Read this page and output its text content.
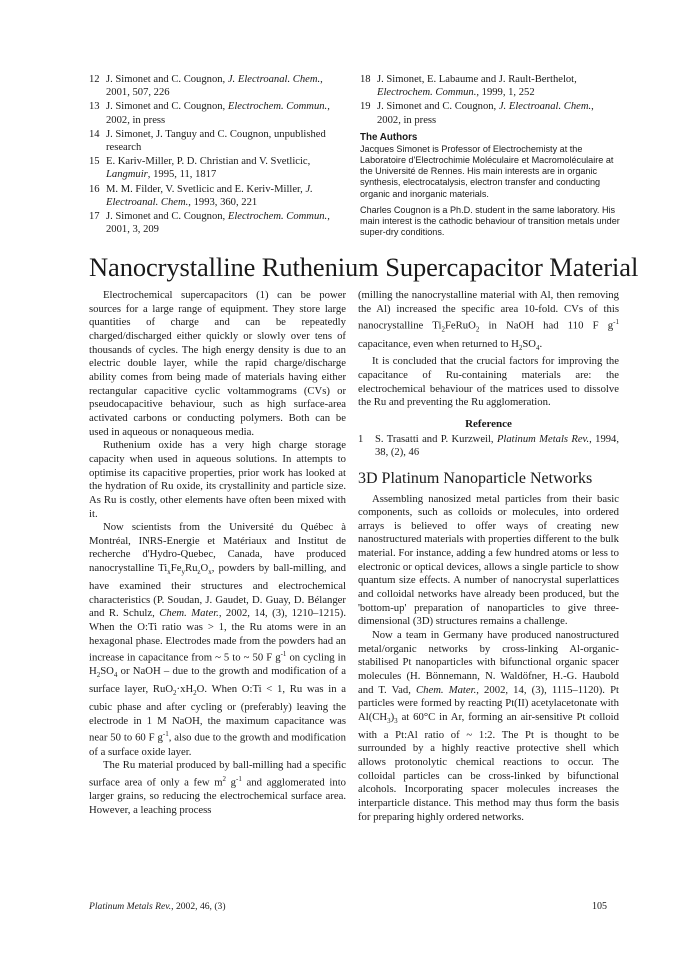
12 J. Simonet and C. Cougnon, J. Electroanal. Chem., 2001, 507, 226
13 J. Simonet and C. Cougnon, Electrochem. Commun., 2002, in press
14 J. Simonet, J. Tanguy and C. Cougnon, unpublished research
15 E. Kariv-Miller, P. D. Christian and V. Svetlicic, Langmuir, 1995, 11, 1817
16 M. M. Filder, V. Svetlicic and E. Keriv-Miller, J. Electroanal. Chem., 1993, 360, 221
17 J. Simonet and C. Cougnon, Electrochem. Commun., 2001, 3, 209
18 J. Simonet, E. Labaume and J. Rault-Berthelot, Electrochem. Commun., 1999, 1, 252
19 J. Simonet and C. Cougnon, J. Electroanal. Chem., 2002, in press
The Authors

Jacques Simonet is Professor of Electrochemisty at the Laboratoire d'Electrochimie Moléculaire et Macromoléculaire at the Université de Rennes. His main interests are in organic synthesis, electrocatalysis, electron transfer and conducting organic and inorganic materials.

Charles Cougnon is a Ph.D. student in the same laboratory. His main interest is the cathodic behaviour of transition metals under super-dry conditions.

Nanocrystalline Ruthenium Supercapacitor Material

Electrochemical supercapacitors (1) can be power sources for a large range of equipment. They store large quantities of charge and can be repeatedly charged/discharged either quickly or slowly over tens of thousands of cycles. The high energy density is due to an electric double layer, while the rapid charge/discharge ability comes from being made of materials having either rectangular capacitive cyclic voltammograms (CVs) or pseudocapacitive behaviour, such as high surface-area activated carbons or conducting polymers. Both can be used in aqueous or nonaqueous media.

Ruthenium oxide has a very high charge storage capacity when used in aqueous solutions. In attempts to optimise its capacitive properties, prior work has looked at the hydration of Ru oxide, its crystallinity and particle size. As Ru is costly, other elements have often been mixed with it.

Now scientists from the Université du Québec à Montréal, INRS-Energie et Matériaux and Institut de recherche d'Hydro-Quebec, Canada, have produced nanocrystalline $Ti_xFe_yRu_zO_x$, powders by ball-milling, and have examined their structures and electrochemical characteristics (P. Soudan, J. Gaudet, D. Guay, D. Bélanger and R. Schulz, Chem. Mater., 2002, 14, (3), 1210–1215). When the O:Ti ratio was > 1, the Ru atoms were in an hexagonal phase. Electrodes made from the powders had an increase in capacitance from ~ 5 to ~ 50 F $g^{-1}$ on cycling in $H_2SO_4$ or NaOH – due to the growth and modification of a surface layer, $RuO_2\cdot xH_2O$. When O:Ti < 1, Ru was in a cubic phase and after cycling or (preferably) leaving the electrode in 1 M NaOH, the maximum capacitance was near 50 to 60 F $g^{-1}$, also due to the growth and modification of a surface oxide layer.

The Ru material produced by ball-milling had a specific surface area of only a few $m^2$ $g^{-1}$ and agglomerated into larger grains, so reducing the electrochemical surface area. However, a leaching process

(milling the nanocrystalline material with Al, then removing the Al) increased the specific area 10-fold. CVs of this nanocrystalline $Ti_2FeRuO_2$ in NaOH had 110 F $g^{-1}$ capacitance, even when returned to $H_2SO_4$.

It is concluded that the crucial factors for improving the capacitance of Ru-containing materials are: the electrochemical behaviour of the matrices used to dissolve the Ru and preventing the Ru agglomeration.

Reference
1 S. Trasatti and P. Kurzweil, Platinum Metals Rev., 1994, 38, (2), 46
3D Platinum Nanoparticle Networks

Assembling nanosized metal particles from their basic components, such as colloids or molecules, into ordered arrays is believed to offer ways of creating new nanostructured materials with properties different to the bulk material. For instance, adding a few hundred atoms or less to electronic or optical devices, allows a single particle to show quantum size effects. A number of nanocrystal superlattices and colloidal networks have already been produced, but the 'bottom-up' preparation of nanoparticles to give three-dimensional (3D) structures remains a challenge.

Now a team in Germany have produced nanostructured metal/organic networks by cross-linking Al-organic-stabilised Pt nanoparticles with bifunctional organic spacer molecules (H. Bönnemann, N. Waldöfner, H.-G. Haubold and T. Vad, Chem. Mater., 2002, 14, (3), 1115–1120). Pt particles were formed by reacting Pt(II) acetylacetonate with $Al(CH_3)_3$ at 60°C in Ar, forming an air-sensitive Pt colloid with a Pt:Al ratio of ~ 1:2. The Pt is thought to be surrounded by a highly reactive protective shell which allows protonolytic chemical reactions to occur. The colloidal particles can be cross-linked by bifunctional alcohols. Incorporating spacer molecules increases the interparticle distance. This method may thus form the basis for preparing highly ordered networks.

Platinum Metals Rev., 2002, 46, (3)	105
